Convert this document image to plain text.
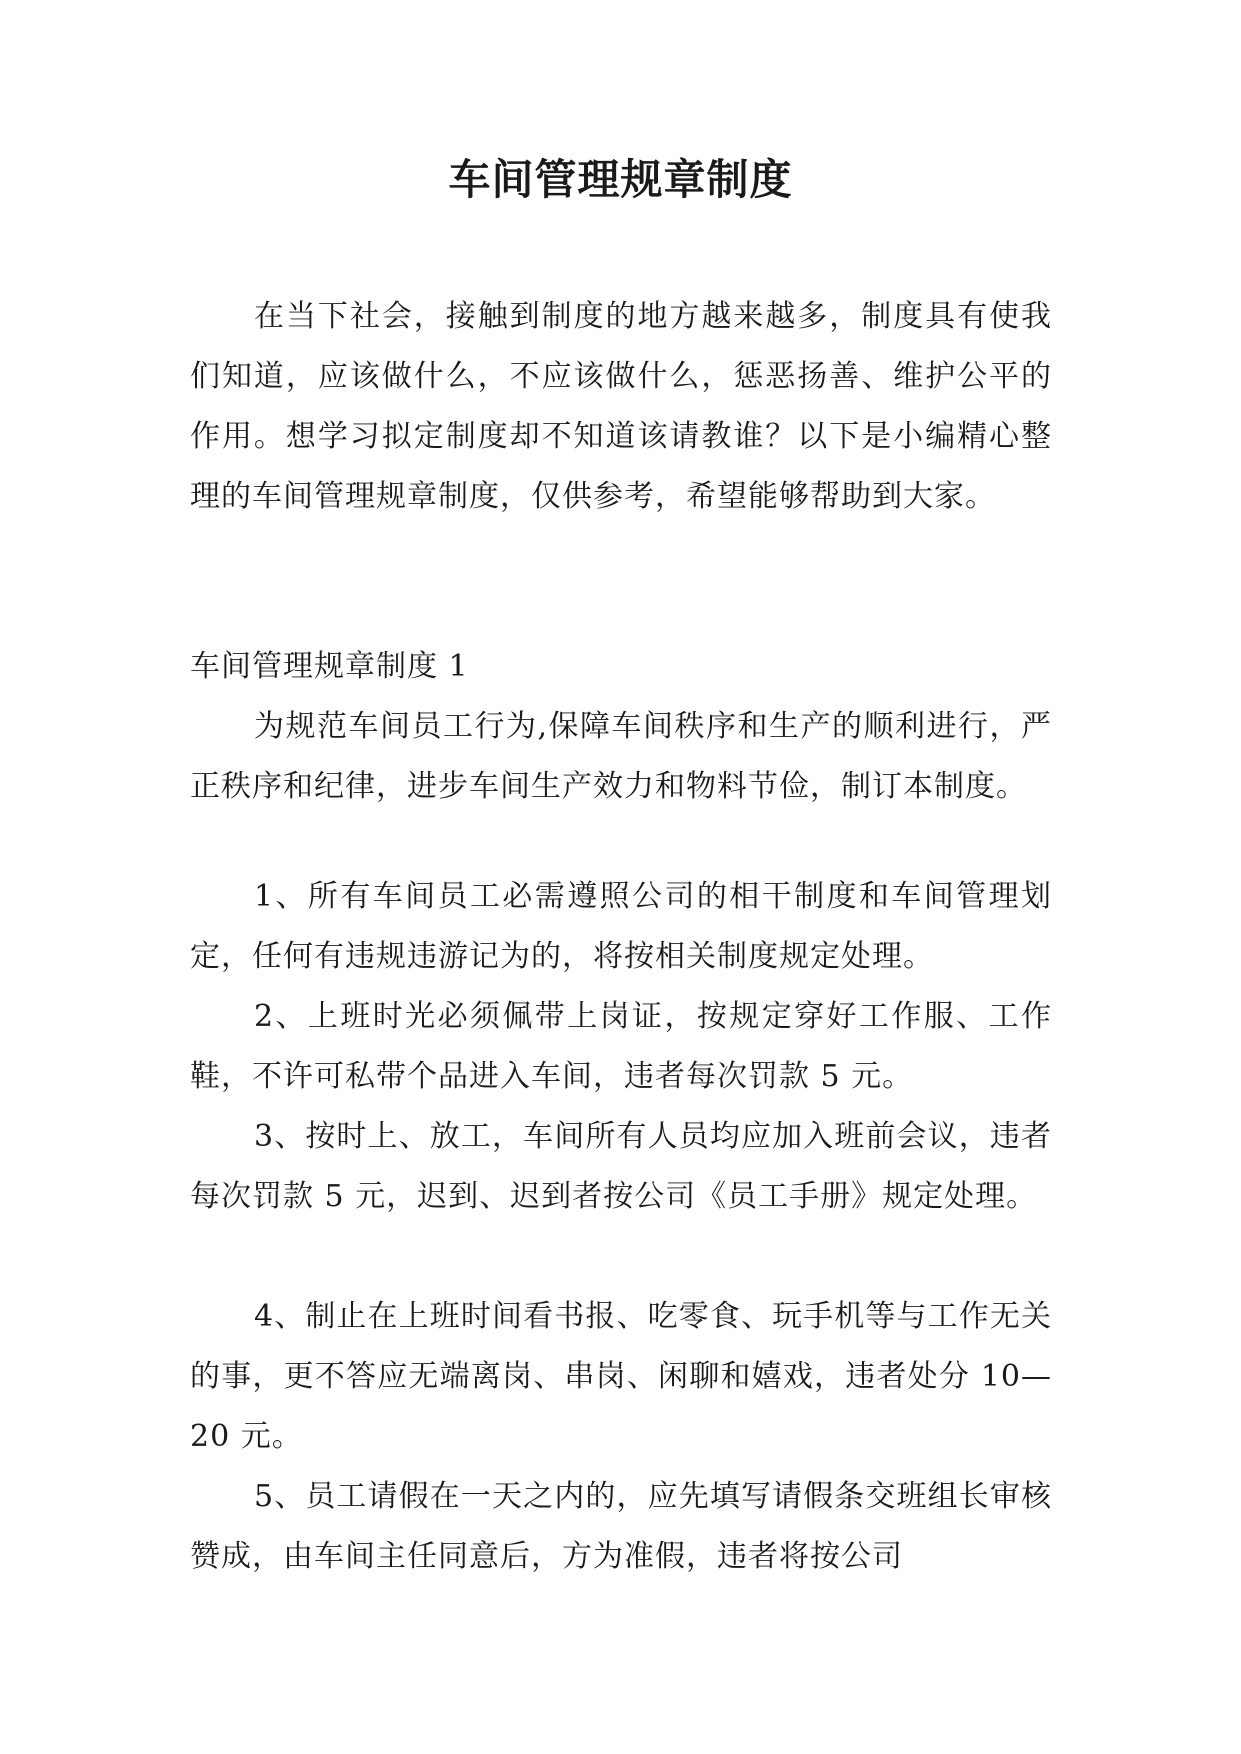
车间管理规章制度

在当下社会，接触到制度的地方越来越多，制度具有使我们知道，应该做什么，不应该做什么，惩恶扬善、维护公平的作用。想学习拟定制度却不知道该请教谁？以下是小编精心整理的车间管理规章制度，仅供参考，希望能够帮助到大家。

车间管理规章制度 1

为规范车间员工行为,保障车间秩序和生产的顺利进行，严正秩序和纪律，进步车间生产效力和物料节俭，制订本制度。

1、所有车间员工必需遵照公司的相干制度和车间管理划定，任何有违规违游记为的，将按相关制度规定处理。

2、上班时光必须佩带上岗证，按规定穿好工作服、工作鞋，不许可私带个品进入车间，违者每次罚款 5 元。

3、按时上、放工，车间所有人员均应加入班前会议，违者每次罚款 5 元，迟到、迟到者按公司《员工手册》规定处理。

4、制止在上班时间看书报、吃零食、玩手机等与工作无关的事，更不答应无端离岗、串岗、闲聊和嬉戏，违者处分 10—20 元。

5、员工请假在一天之内的，应先填写请假条交班组长审核赞成，由车间主任同意后，方为准假，违者将按公司
